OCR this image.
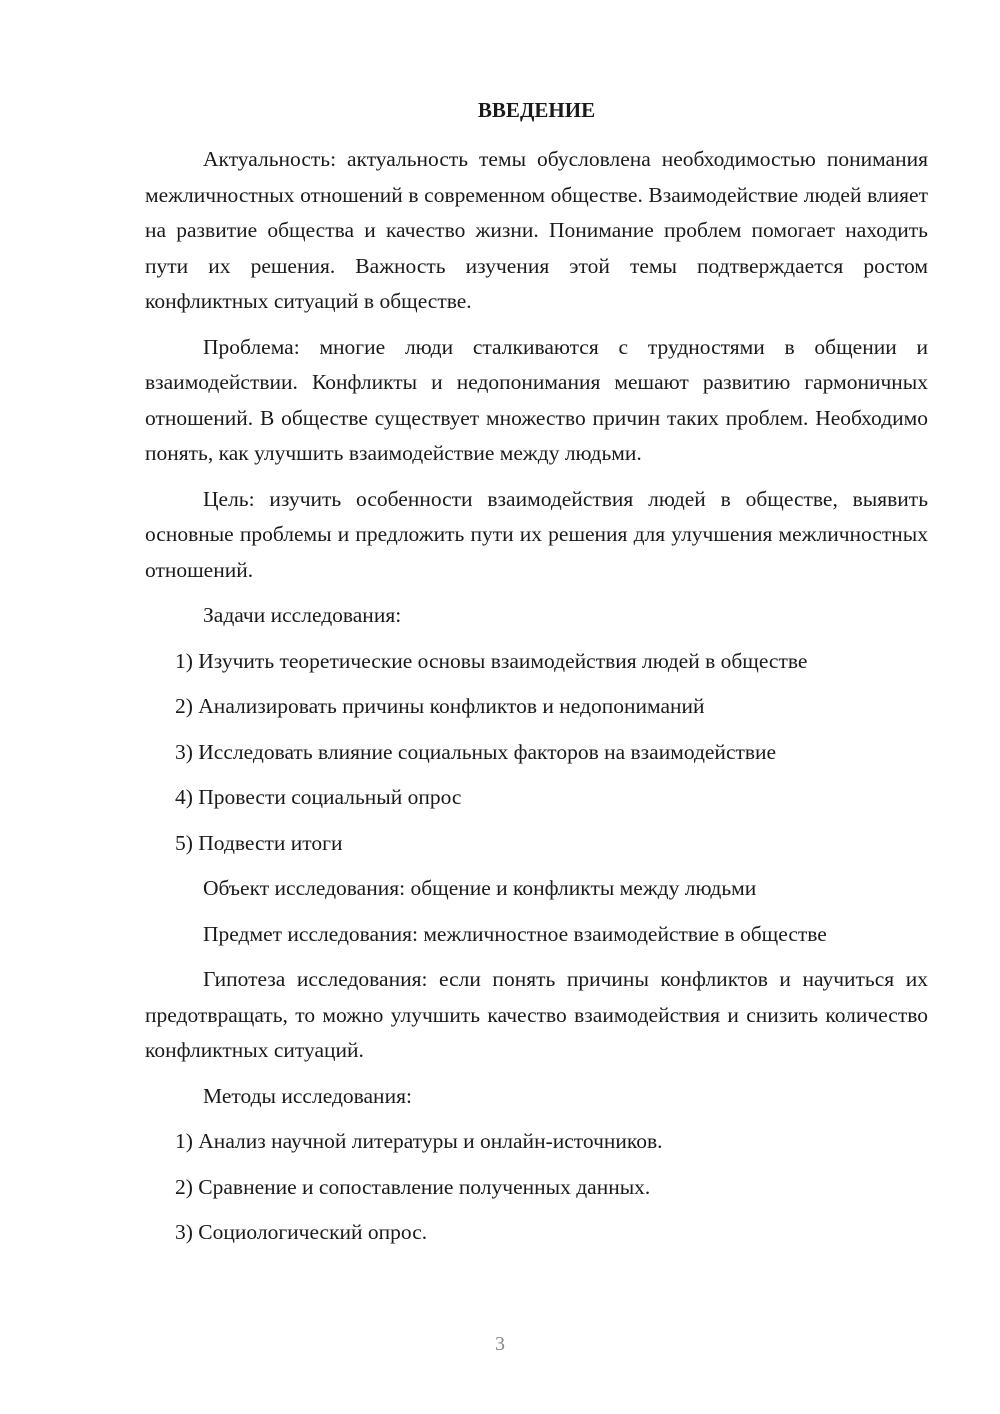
ВВЕДЕНИЕ

Актуальность: актуальность темы обусловлена необходимостью понимания межличностных отношений в современном обществе. Взаимодействие людей влияет на развитие общества и качество жизни. Понимание проблем помогает находить пути их решения. Важность изучения этой темы подтверждается ростом конфликтных ситуаций в обществе.

Проблема: многие люди сталкиваются с трудностями в общении и взаимодействии. Конфликты и недопонимания мешают развитию гармоничных отношений. В обществе существует множество причин таких проблем. Необходимо понять, как улучшить взаимодействие между людьми.

Цель: изучить особенности взаимодействия людей в обществе, выявить основные проблемы и предложить пути их решения для улучшения межличностных отношений.

Задачи исследования:

1) Изучить теоретические основы взаимодействия людей в обществе

2) Анализировать причины конфликтов и недопониманий

3) Исследовать влияние социальных факторов на взаимодействие

4) Провести социальный опрос

5) Подвести итоги

Объект исследования: общение и конфликты между людьми

Предмет исследования: межличностное взаимодействие в обществе

Гипотеза исследования: если понять причины конфликтов и научиться их предотвращать, то можно улучшить качество взаимодействия и снизить количество конфликтных ситуаций.

Методы исследования:

1) Анализ научной литературы и онлайн-источников.

2) Сравнение и сопоставление полученных данных.

3) Социологический опрос.

3
